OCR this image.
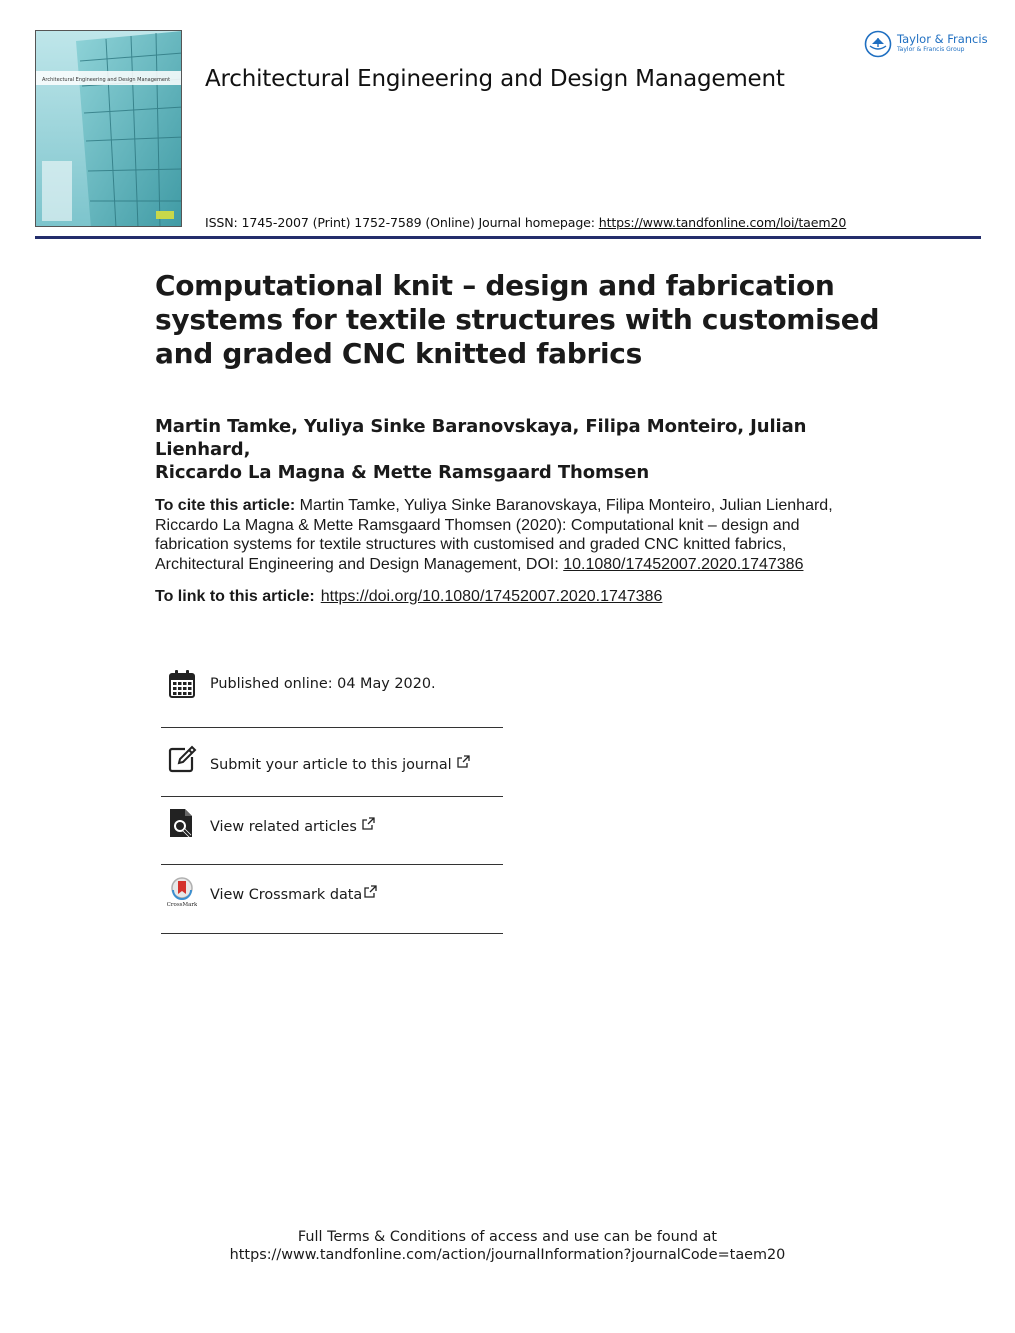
Architectural Engineering and Design Management Architectural Engineering and Design Management
ISSN: 1745-2007 (Print) 1752-7589 (Online) Journal homepage: https://www.tandfonline.com/loi/taem20
Taylor & Francis
Taylor & Francis Group
Computational knit – design and fabrication systems for textile structures with customised and graded CNC knitted fabrics
Martin Tamke, Yuliya Sinke Baranovskaya, Filipa Monteiro, Julian Lienhard,
Riccardo La Magna & Mette Ramsgaard Thomsen
To cite this article: Martin Tamke, Yuliya Sinke Baranovskaya, Filipa Monteiro, Julian Lienhard, Riccardo La Magna & Mette Ramsgaard Thomsen (2020): Computational knit – design and fabrication systems for textile structures with customised and graded CNC knitted fabrics, Architectural Engineering and Design Management, DOI: 10.1080/17452007.2020.1747386
To link to this article: https://doi.org/10.1080/17452007.2020.1747386
Published online: 04 May 2020.
Submit your article to this journal
View related articles
CrossMark
View Crossmark data
Full Terms & Conditions of access and use can be found at
https://www.tandfonline.com/action/journalInformation?journalCode=taem20
